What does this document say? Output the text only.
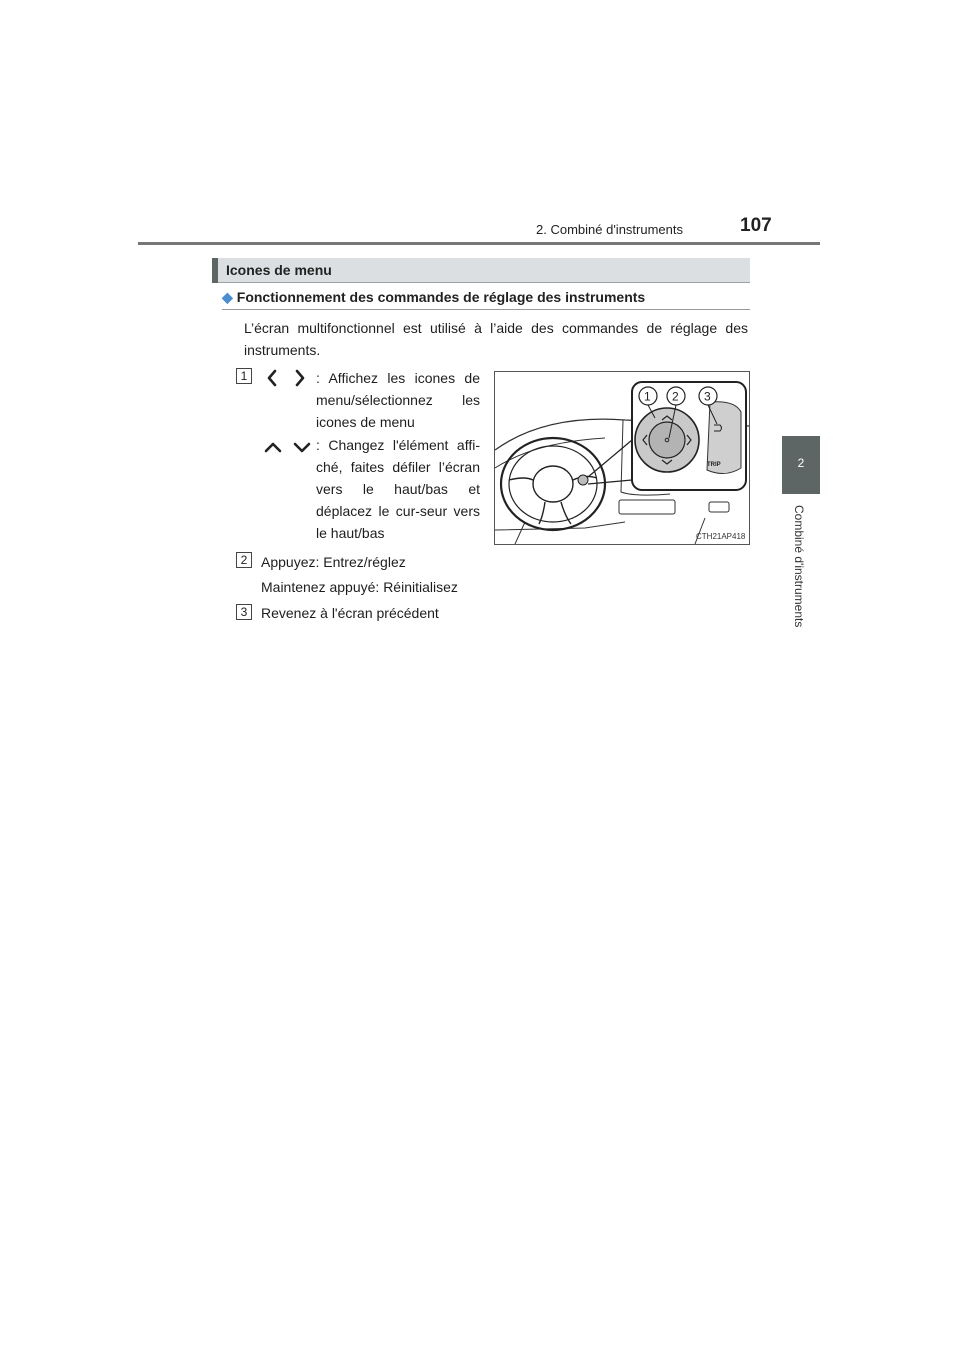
2. Combiné d'instruments	107
2
Combiné d'instruments
Icones de menu
◆ Fonctionnement des commandes de réglage des instruments
L’écran multifonctionnel est utilisé à l’aide des commandes de réglage des instruments.
1	: Affichez les icones de menu/sélectionnez les icones de menu
: Changez l'élément affi-ché, faites défiler l’écran vers le haut/bas et déplacez le cur-seur vers le haut/bas
2 Appuyez: Entrez/réglez
Maintenez appuyé: Réinitialisez
3 Revenez à l'écran précédent
1 2 3
TRIP
CTH21AP418
